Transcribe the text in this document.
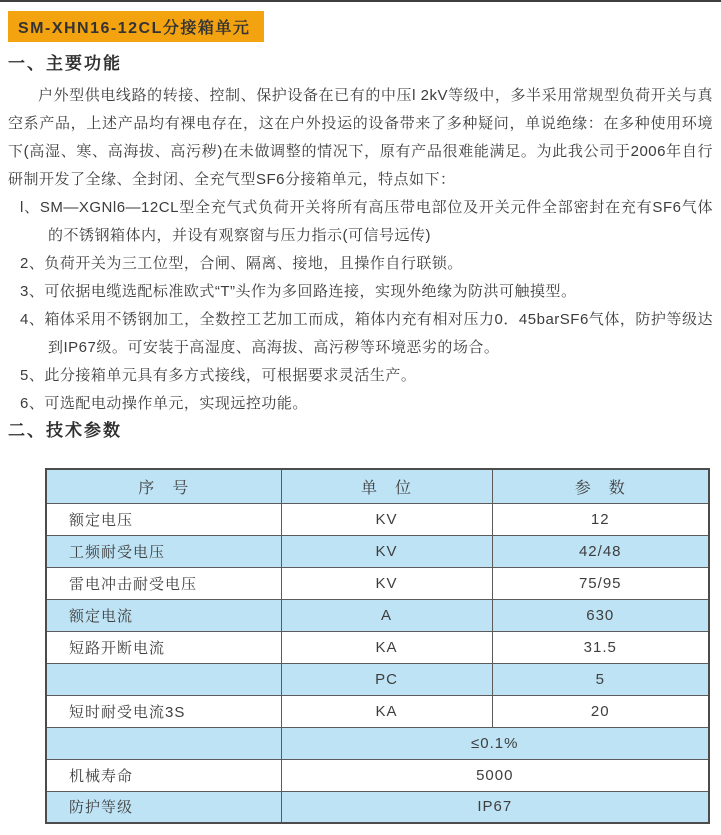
SM-XHN16-12CL分接箱单元
一、主要功能

户外型供电线路的转接、控制、保护设备在已有的中压l 2kV等级中，多半采用常规型负荷开关与真空系产品，上述产品均有裸电存在，这在户外投运的设备带来了多种疑问，单说绝缘：在多种使用环境下(高湿、寒、高海拔、高污秽)在未做调整的情况下，原有产品很难能满足。为此我公司于2006年自行研制开发了全缘、全封闭、全充气型SF6分接箱单元，特点如下：

l、SM—XGNl6—12CL型全充气式负荷开关将所有高压带电部位及开关元件全部密封在充有SF6气体的不锈钢箱体内，并设有观察窗与压力指示(可信号远传)
2、负荷开关为三工位型，合闸、隔离、接地，且操作自行联锁。
3、可依据电缆选配标准欧式“T”头作为多回路连接，实现外绝缘为防洪可触摸型。
4、箱体采用不锈钢加工，全数控工艺加工而成，箱体内充有相对压力0．45barSF6气体，防护等级达到IP67级。可安装于高湿度、高海拔、高污秽等环境恶劣的场合。
5、此分接箱单元具有多方式接线，可根据要求灵活生产。
6、可选配电动操作单元，实现远控功能。
二、技术参数
序　号	单　位	参　数
额定电压	KV	12
工频耐受电压	KV	42/48
雷电冲击耐受电压	KV	75/95
额定电流	A	630
短路开断电流	KA	31.5
	PC	5
短时耐受电流3S	KA	20
	≤0.1%	
机械寿命	5000	
防护等级	IP67	
